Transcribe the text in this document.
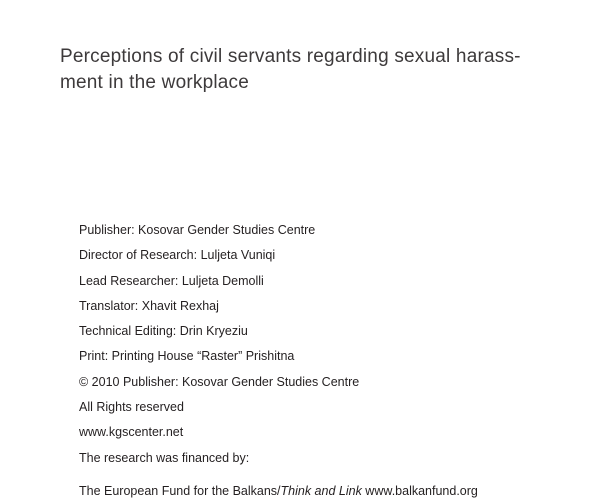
Perceptions of civil servants regarding sexual harass-
ment in the workplace
Publisher: Kosovar Gender Studies Centre
Director of Research: Luljeta Vuniqi
Lead Researcher: Luljeta Demolli
Translator: Xhavit Rexhaj
Technical Editing: Drin Kryeziu
Print: Printing House “Raster” Prishitna
© 2010 Publisher: Kosovar Gender Studies Centre
All Rights reserved
www.kgscenter.net
The research was financed by:
The European Fund for the Balkans/Think and Link www.balkanfund.org
